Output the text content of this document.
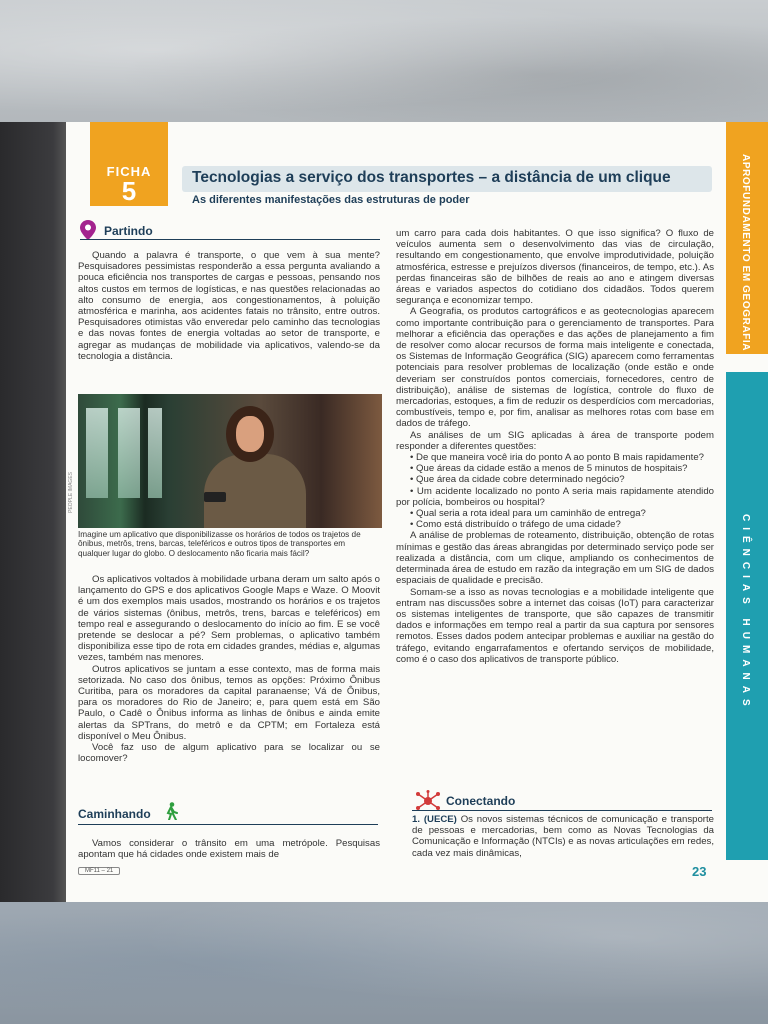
FICHA
5	Tecnologias a serviço dos transportes – a distância de um clique
As diferentes manifestações das estruturas de poder	APROFUNDAMENTO EM GEOGRAFIA
CIÊNCIAS HUMANAS
Partindo

Quando a palavra é transporte, o que vem à sua mente? Pesquisadores pessimistas responderão a essa pergunta avaliando a pouca eficiência nos transportes de cargas e pessoas, pensando nos altos custos em termos de logísticas, e nas questões relacionadas ao alto consumo de energia, aos congestionamentos, à poluição atmosférica e marinha, aos acidentes fatais no trânsito, entre outros. Pesquisadores otimistas vão enveredar pelo caminho das tecnologias e das novas fontes de energia voltadas ao setor de transporte, e agregar as mudanças de mobilidade via aplicativos, valendo-se da tecnologia a distância.

PEOPLE IMAGES
Imagine um aplicativo que disponibilizasse os horários de todos os trajetos de ônibus, metrôs, trens, barcas, teleféricos e outros tipos de transportes em qualquer lugar do globo. O deslocamento não ficaria mais fácil?

Os aplicativos voltados à mobilidade urbana deram um salto após o lançamento do GPS e dos aplicativos Google Maps e Waze. O Moovit é um dos exemplos mais usados, mostrando os horários e os trajetos de vários sistemas (ônibus, metrôs, trens, barcas e teleféricos) em tempo real e assegurando o deslocamento do início ao fim. E se você pretende se deslocar a pé? Sem problemas, o aplicativo também disponibiliza esse tipo de rota em cidades grandes, médias e, algumas vezes, também nas menores.

Outros aplicativos se juntam a esse contexto, mas de forma mais setorizada. No caso dos ônibus, temos as opções: Próximo Ônibus Curitiba, para os moradores da capital paranaense; Vá de Ônibus, para os moradores do Rio de Janeiro; e, para quem está em São Paulo, o Cadê o Ônibus informa as linhas de ônibus e ainda emite alertas da SPTrans, do metrô e da CPTM; em Fortaleza está disponível o Meu Ônibus.

Você faz uso de algum aplicativo para se localizar ou se locomover?

Caminhando

Vamos considerar o trânsito em uma metrópole. Pesquisas apontam que há cidades onde existem mais de

um carro para cada dois habitantes. O que isso significa? O fluxo de veículos aumenta sem o desenvolvimento das vias de circulação, resultando em congestionamento, que envolve improdutividade, poluição atmosférica, estresse e prejuízos diversos (financeiros, de tempo, etc.). As perdas financeiras são de bilhões de reais ao ano e atingem diversas áreas e variados aspectos do cotidiano dos cidadãos. Todos querem segurança e economizar tempo.

A Geografia, os produtos cartográficos e as geotecnologias aparecem como importante contribuição para o gerenciamento de transportes. Para melhorar a eficiência das operações e das ações de planejamento a fim de resolver como alocar recursos de forma mais inteligente e conectada, os Sistemas de Informação Geográfica (SIG) aparecem como ferramentas potenciais para resolver problemas de localização (onde estão e onde deveriam ser construídos pontos comerciais, fornecedores, centro de distribuição), análise de sistemas de logística, controle do fluxo de mercadorias, estoques, a fim de reduzir os desperdícios com mercadorias, combustíveis, tempo e, por fim, analisar as melhores rotas com base em dados de tráfego.

As análises de um SIG aplicadas à área de transporte podem responder a diferentes questões:

• De que maneira você iria do ponto A ao ponto B mais rapidamente?

• Que áreas da cidade estão a menos de 5 minutos de hospitais?

• Que área da cidade cobre determinado negócio?

• Um acidente localizado no ponto A seria mais rapidamente atendido por polícia, bombeiros ou hospital?

• Qual seria a rota ideal para um caminhão de entrega?

• Como está distribuído o tráfego de uma cidade?

A análise de problemas de roteamento, distribuição, obtenção de rotas mínimas e gestão das áreas abrangidas por determinado serviço pode ser realizada a distância, com um clique, ampliando os conhecimentos de determinada área de estudo em razão da integração em um SIG de dados espaciais de qualidade e precisão.

Somam-se a isso as novas tecnologias e a mobilidade inteligente que entram nas discussões sobre a internet das coisas (IoT) para caracterizar os sistemas inteligentes de transporte, que são capazes de transmitir dados e informações em tempo real a partir da sua captura por sensores remotos. Esses dados podem antecipar problemas e auxiliar na gestão do tráfego, evitando engarrafamentos e ofertando serviços de mobilidade, como é o caso dos aplicativos de transporte público.

Conectando
1. (UECE) Os novos sistemas técnicos de comunicação e transporte de pessoas e mercadorias, bem como as Novas Tecnologias da Comunicação e Informação (NTCIs) e as novas articulações em redes, cada vez mais dinâmicas,
MF11 – 21	23
